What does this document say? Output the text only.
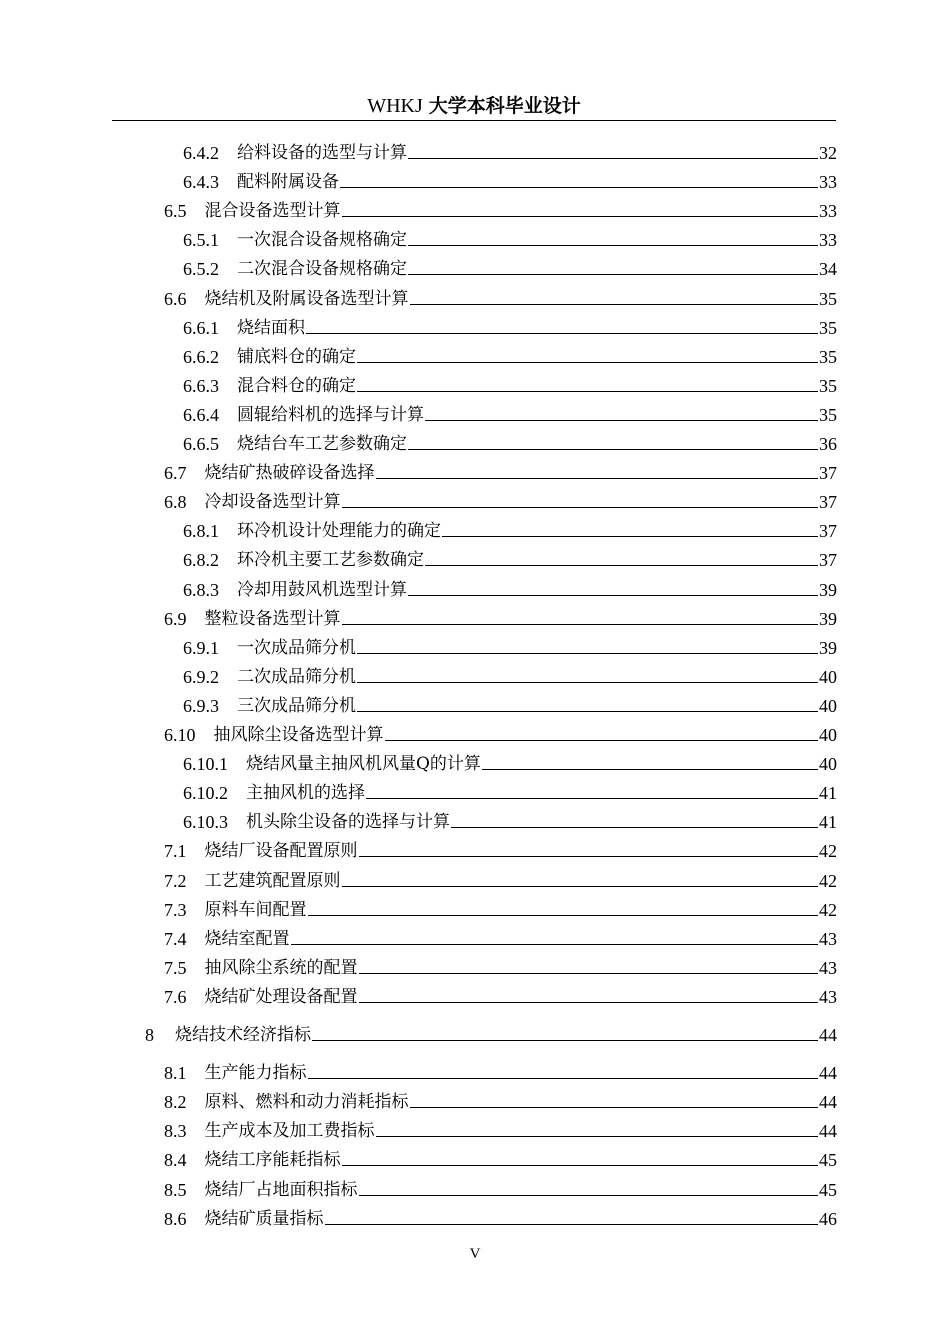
WHKJ 大学本科毕业设计
6.4.2 给料设备的选型与计算	32
6.4.3 配料附属设备	33
6.5 混合设备选型计算	33
6.5.1 一次混合设备规格确定	33
6.5.2 二次混合设备规格确定	34
6.6 烧结机及附属设备选型计算	35
6.6.1 烧结面积	35
6.6.2 铺底料仓的确定	35
6.6.3 混合料仓的确定	35
6.6.4 圆辊给料机的选择与计算	35
6.6.5 烧结台车工艺参数确定	36
6.7 烧结矿热破碎设备选择	37
6.8 冷却设备选型计算	37
6.8.1 环冷机设计处理能力的确定	37
6.8.2 环冷机主要工艺参数确定	37
6.8.3 冷却用鼓风机选型计算	39
6.9 整粒设备选型计算	39
6.9.1 一次成品筛分机	39
6.9.2 二次成品筛分机	40
6.9.3 三次成品筛分机	40
6.10 抽风除尘设备选型计算	40
6.10.1 烧结风量主抽风机风量Q的计算	40
6.10.2 主抽风机的选择	41
6.10.3 机头除尘设备的选择与计算	41
7.1 烧结厂设备配置原则	42
7.2 工艺建筑配置原则	42
7.3 原料车间配置	42
7.4 烧结室配置	43
7.5 抽风除尘系统的配置	43
7.6 烧结矿处理设备配置	43
8 烧结技术经济指标	44
8.1 生产能力指标	44
8.2 原料、燃料和动力消耗指标	44
8.3 生产成本及加工费指标	44
8.4 烧结工序能耗指标	45
8.5 烧结厂占地面积指标	45
8.6 烧结矿质量指标	46
V
